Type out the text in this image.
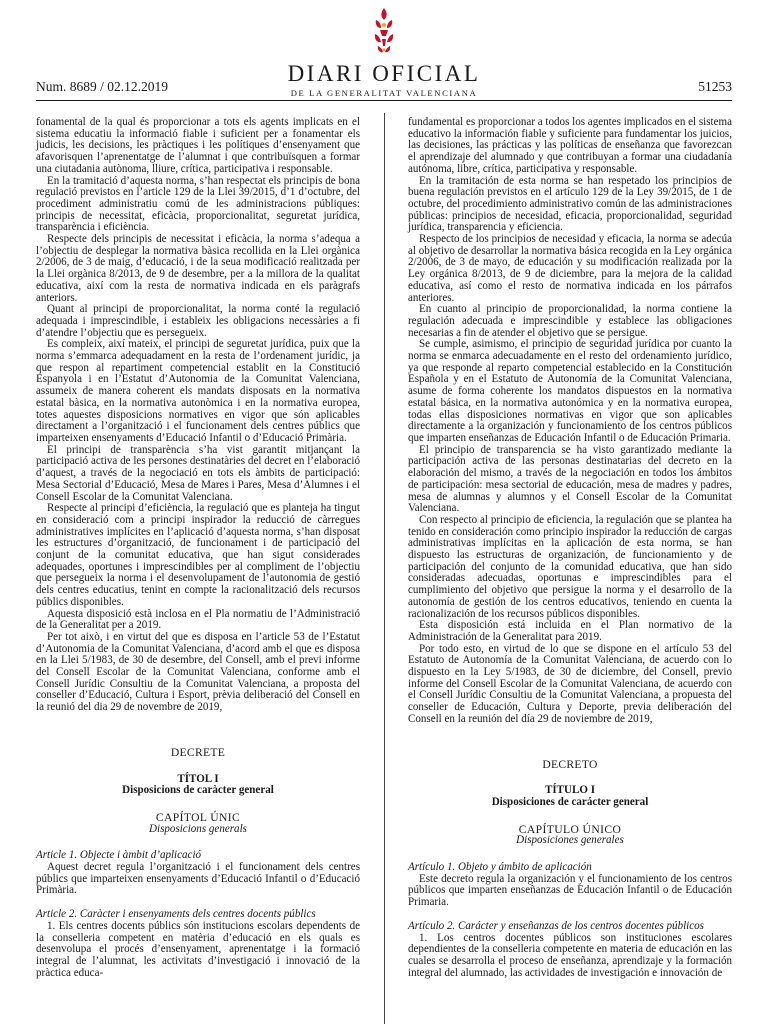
Num. 8689 / 02.12.2019
DIARI OFICIAL
DE LA GENERALITAT VALENCIANA	51253

fonamental de la qual és proporcionar a tots els agents implicats en el sistema educatiu la informació fiable i suficient per a fonamentar els judicis, les decisions, les pràctiques i les polítiques d’ensenyament que afavorisquen l’aprenentatge de l’alumnat i que contribuïsquen a formar una ciutadania autònoma, lliure, crítica, participativa i responsable.

En la tramitació d’aquesta norma, s’han respectat els principis de bona regulació previstos en l’article 129 de la Llei 39/2015, d’1 d’octubre, del procediment administratiu comú de les administracions públiques: principis de necessitat, eficàcia, proporcionalitat, seguretat jurídica, transparència i eficiència.

Respecte dels principis de necessitat i eficàcia, la norma s’adequa a l’objectiu de desplegar la normativa bàsica recollida en la Llei orgànica 2/2006, de 3 de maig, d’educació, i de la seua modificació realitzada per la Llei orgànica 8/2013, de 9 de desembre, per a la millora de la qualitat educativa, així com la resta de normativa indicada en els paràgrafs anteriors.

Quant al principi de proporcionalitat, la norma conté la regulació adequada i imprescindible, i estableix les obligacions necessàries a fi d’atendre l’objectiu que es persegueix.

Es compleix, així mateix, el principi de seguretat jurídica, puix que la norma s’emmarca adequadament en la resta de l’ordenament jurídic, ja que respon al repartiment competencial establit en la Constitució Espanyola i en l’Estatut d’Autonomia de la Comunitat Valenciana, assumeix de manera coherent els mandats disposats en la normativa estatal bàsica, en la normativa autonòmica i en la normativa europea, totes aquestes disposicions normatives en vigor que són aplicables directament a l’organització i el funcionament dels centres públics que imparteixen ensenyaments d’Educació Infantil o d’Educació Primària.

El principi de transparència s’ha vist garantit mitjançant la participació activa de les persones destinatàries del decret en l’elaboració d’aquest, a través de la negociació en tots els àmbits de participació: Mesa Sectorial d’Educació, Mesa de Mares i Pares, Mesa d’Alumnes i el Consell Escolar de la Comunitat Valenciana.

Respecte al principi d’eficiència, la regulació que es planteja ha tingut en consideració com a principi inspirador la reducció de càrregues administratives implícites en l’aplicació d’aquesta norma, s’han disposat les estructures d’organització, de funcionament i de participació del conjunt de la comunitat educativa, que han sigut considerades adequades, oportunes i imprescindibles per al compliment de l’objectiu que persegueix la norma i el desenvolupament de l’autonomia de gestió dels centres educatius, tenint en compte la racionalització dels recursos públics disponibles.

Aquesta disposició està inclosa en el Pla normatiu de l’Administració de la Generalitat per a 2019.

Per tot això, i en virtut del que es disposa en l’article 53 de l’Estatut d’Autonomia de la Comunitat Valenciana, d’acord amb el que es disposa en la Llei 5/1983, de 30 de desembre, del Consell, amb el previ informe del Consell Escolar de la Comunitat Valenciana, conforme amb el Consell Jurídic Consultiu de la Comunitat Valenciana, a proposta del conseller d’Educació, Cultura i Esport, prèvia deliberació del Consell en la reunió del dia 29 de novembre de 2019,

DECRETE

TÍTOL I

Disposicions de caràcter general

CAPÍTOL ÚNIC

Disposicions generals

Article 1. Objecte i àmbit d’aplicació

Aquest decret regula l’organització i el funcionament dels centres públics que imparteixen ensenyaments d’Educació Infantil o d’Educació Primària.

Article 2. Caràcter i ensenyaments dels centres docents públics

1. Els centres docents públics són institucions escolars dependents de la conselleria competent en matèria d’educació en els quals es desenvolupa el procés d’ensenyament, aprenentatge i la formació integral de l’alumnat, les activitats d’investigació i innovació de la pràctica educa-

fundamental es proporcionar a todos los agentes implicados en el sistema educativo la información fiable y suficiente para fundamentar los juicios, las decisiones, las prácticas y las políticas de enseñanza que favorezcan el aprendizaje del alumnado y que contribuyan a formar una ciudadanía autónoma, libre, crítica, participativa y responsable.

En la tramitación de esta norma se han respetado los principios de buena regulación previstos en el artículo 129 de la Ley 39/2015, de 1 de octubre, del procedimiento administrativo común de las administraciones públicas: principios de necesidad, eficacia, proporcionalidad, seguridad jurídica, transparencia y eficiencia.

Respecto de los principios de necesidad y eficacia, la norma se adecúa al objetivo de desarrollar la normativa básica recogida en la Ley orgánica 2/2006, de 3 de mayo, de educación y su modificación realizada por la Ley orgánica 8/2013, de 9 de diciembre, para la mejora de la calidad educativa, así como el resto de normativa indicada en los párrafos anteriores.

En cuanto al principio de proporcionalidad, la norma contiene la regulación adecuada e imprescindible y establece las obligaciones necesarias a fin de atender el objetivo que se persigue.

Se cumple, asimismo, el principio de seguridad jurídica por cuanto la norma se enmarca adecuadamente en el resto del ordenamiento jurídico, ya que responde al reparto competencial establecido en la Constitución Española y en el Estatuto de Autonomía de la Comunitat Valenciana, asume de forma coherente los mandatos dispuestos en la normativa estatal básica, en la normativa autonómica y en la normativa europea, todas ellas disposiciones normativas en vigor que son aplicables directamente a la organización y funcionamiento de los centros públicos que imparten enseñanzas de Educación Infantil o de Educación Primaria.

El principio de transparencia se ha visto garantizado mediante la participación activa de las personas destinatarias del decreto en la elaboración del mismo, a través de la negociación en todos los ámbitos de participación: mesa sectorial de educación, mesa de madres y padres, mesa de alumnas y alumnos y el Consell Escolar de la Comunitat Valenciana.

Con respecto al principio de eficiencia, la regulación que se plantea ha tenido en consideración como principio inspirador la reducción de cargas administrativas implícitas en la aplicación de esta norma, se han dispuesto las estructuras de organización, de funcionamiento y de participación del conjunto de la comunidad educativa, que han sido consideradas adecuadas, oportunas e imprescindibles para el cumplimiento del objetivo que persigue la norma y el desarrollo de la autonomía de gestión de los centros educativos, teniendo en cuenta la racionalización de los recursos públicos disponibles.

Esta disposición está incluida en el Plan normativo de la Administración de la Generalitat para 2019.

Por todo esto, en virtud de lo que se dispone en el artículo 53 del Estatuto de Autonomía de la Comunitat Valenciana, de acuerdo con lo dispuesto en la Ley 5/1983, de 30 de diciembre, del Consell, previo informe del Consell Escolar de la Comunitat Valenciana, de acuerdo con el Consell Jurídic Consultiu de la Comunitat Valenciana, a propuesta del conseller de Educación, Cultura y Deporte, previa deliberación del Consell en la reunión del día 29 de noviembre de 2019,

DECRETO

TÍTULO I

Disposiciones de carácter general

CAPÍTULO ÚNICO

Disposiciones generales

Artículo 1. Objeto y ámbito de aplicación

Este decreto regula la organización y el funcionamiento de los centros públicos que imparten enseñanzas de Educación Infantil o de Educación Primaria.

Artículo 2. Carácter y enseñanzas de los centros docentes públicos

1. Los centros docentes públicos son instituciones escolares dependientes de la conselleria competente en materia de educación en las cuales se desarrolla el proceso de enseñanza, aprendizaje y la formación integral del alumnado, las actividades de investigación e innovación de
